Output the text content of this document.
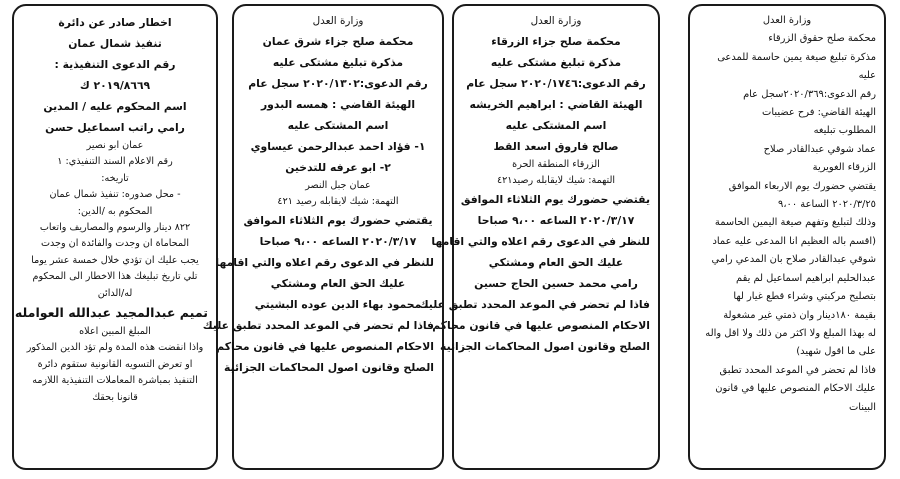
وزارة العدل
محكمة صلح حقوق الزرقاء
مذكرة تبليغ صيغة يمين حاسمة للمدعى
عليه
رقم الدعوى:٢٠٢٠/٣٦٩سجل عام
الهيئة القاضي: فرح عضيبات
المطلوب تبليغه
عماد شوقي عبدالقادر صلاح
الزرقاء الغويرية
يقتضي حضورك يوم الاربعاء الموافق
٢٠٢٠/٣/٢٥ الساعة ٩،٠٠
وذلك لتبليغ وتفهم صيغة اليمين الحاسمة
(اقسم باله العظيم انا المدعى عليه عماد
شوقي عبدالقادر صلاح بان المدعي رامي
عبدالحليم ابراهيم اسماعيل لم يقم
بتصليح مركبتي وشراء قطع غيار لها
بقيمة ١٨٠دينار وان ذمتي غير مشغولة
له بهذا المبلغ ولا اكثر من ذلك ولا اقل واله
على ما اقول شهيد)
فاذا لم تحضر في الموعد المحدد تطبق
عليك الاحكام المنصوص عليها في قانون
البينات
وزارة العدل
محكمة صلح جزاء الزرقاء
مذكرة تبليغ مشتكى عليه
رقم الدعوى:٢٠٢٠/١٧٤٦ سجل عام
الهيئة القاضي : ابراهيم الخريشه
اسم المشتكى عليه
صالح فاروق اسعد القط
الزرقاء المنطقة الحرة
التهمة: شيك لايقابله رصيد٤٢١
يقتضي حضورك يوم الثلاثاء الموافق
٢٠٢٠/٣/١٧ الساعه ٩،٠٠ صباحا
للنظر في الدعوى رقم اعلاه والتي اقامها
عليك الحق العام ومشتكي
رامي محمد حسين الحاج حسين
فاذا لم تحضر في الموعد المحدد تطبق عليك
الاحكام المنصوص عليها في قانون محاكم
الصلح وقانون اصول المحاكمات الجزائية
وزارة العدل
محكمة صلح جزاء شرق عمان
مذكرة تبليغ مشتكى عليه
رقم الدعوى:٢٠٢٠/١٣٠٢ سجل عام
الهيئة القاضي : همسه البدور
اسم المشتكى عليه
١- فؤاد احمد عبدالرحمن عيساوي
٢- ابو عرفه للتدخين
عمان جبل النصر
التهمة: شيك لايقابله رصيد ٤٢١
يقتضي حضورك يوم الثلاثاء الموافق
٢٠٢٠/٣/١٧ الساعه ٩،٠٠ صباحا
للنظر في الدعوى رقم اعلاه والتي اقامها
عليك الحق العام ومشتكي
محمود بهاء الدين عوده البشيتي
فاذا لم تحضر في الموعد المحدد تطبق عليك
الاحكام المنصوص عليها في قانون محاكم
الصلح وقانون اصول المحاكمات الجزائية
اخطار صادر عن دائرة
تنفيذ شمال عمان
رقم الدعوى التنفيذية :
٢٠١٩/٨٦٦٩ ك
اسم المحكوم عليه / المدين
رامي راتب اسماعيل حسن
عمان ابو نصير
رقم الاعلام السند التنفيذي: ١
تاريخه:
- محل صدوره: تنفيذ شمال عمان
المحكوم به /الدين:
٨٢٢ دينار والرسوم والمصاريف واتعاب
المحاماة ان وجدت والفائدة ان وجدت
يجب عليك ان تؤدي خلال خمسة عشر يوما
تلي تاريخ تبليغك هذا الاخطار الى المحكوم
له/الدائن
تميم عبدالمجيد عبدالله العوامله
المبلغ المبين اعلاه
واذا انقضت هذه المدة ولم تؤد الدين المذكور
او تعرض التسويه القانونية ستقوم دائرة
التنفيذ بمباشرة المعاملات التنفيذية اللازمه
قانونا بحقك
